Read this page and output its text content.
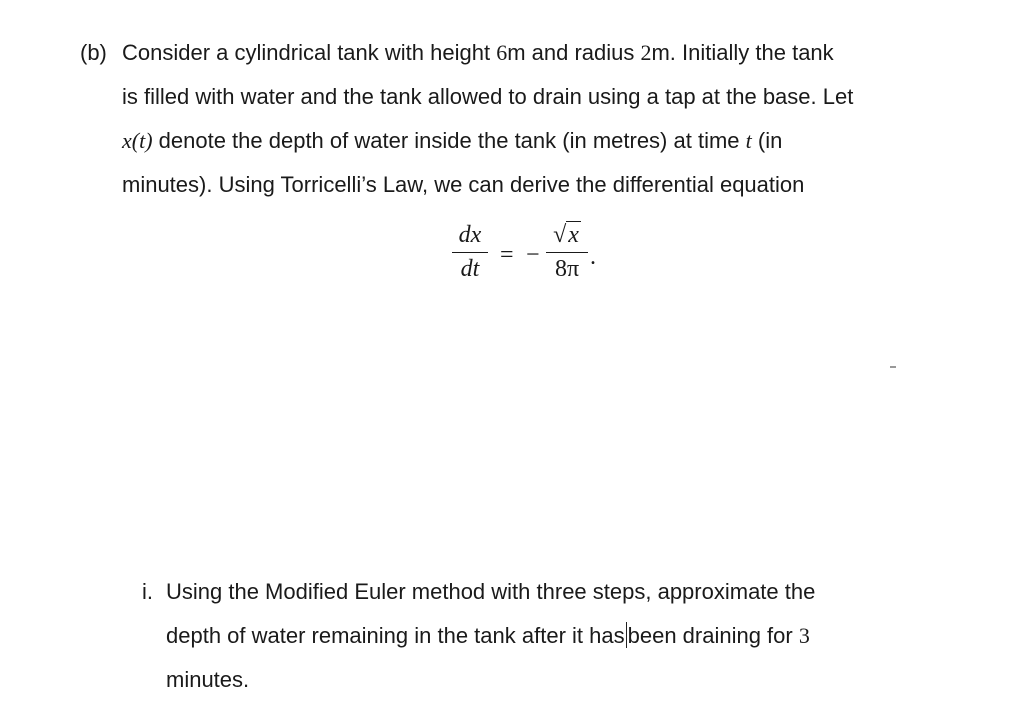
(b) Consider a cylindrical tank with height 6m and radius 2m. Initially the tank
is filled with water and the tank allowed to drain using a tap at the base. Let
x(t) denote the depth of water inside the tank (in metres) at time t (in
minutes). Using Torricelli’s Law, we can derive the differential equation
dx
dt
= −
√x
8π .
i. Using the Modified Euler method with three steps, approximate the
depth of water remaining in the tank after it has been draining for 3
minutes.
